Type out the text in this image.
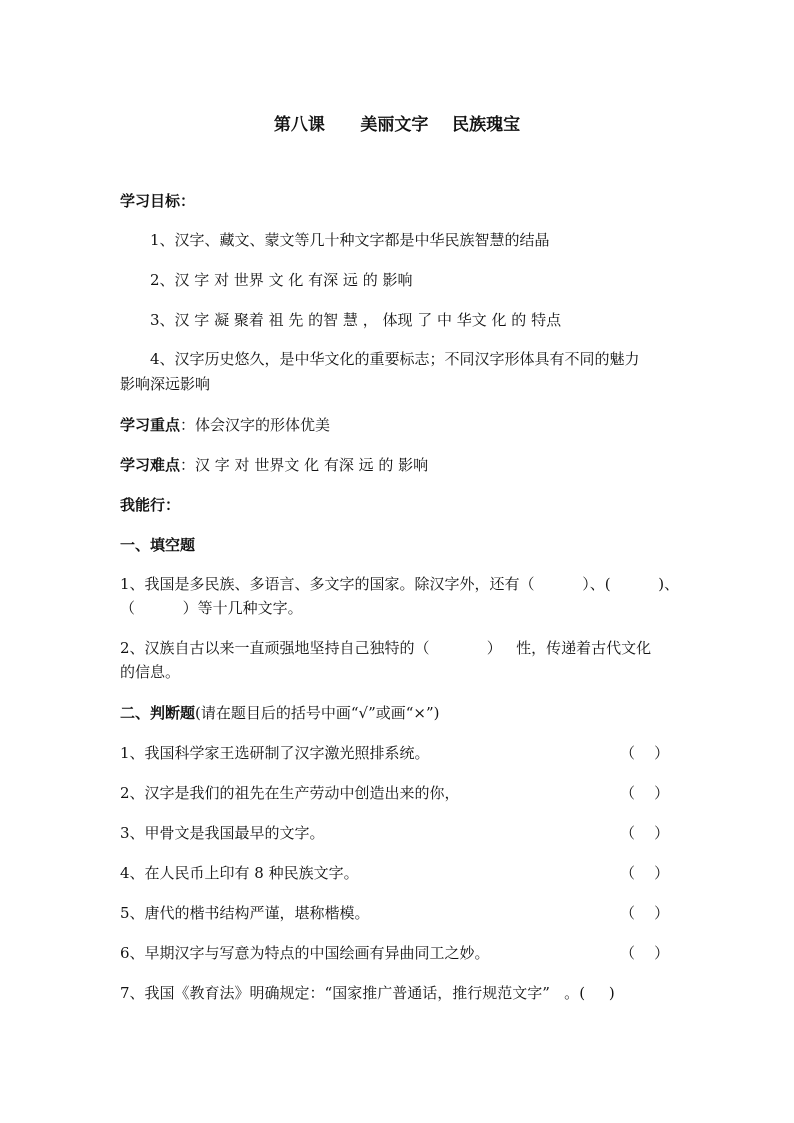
第八课      美丽文字    民族瑰宝
学习目标：
1、汉字、藏文、蒙文等几十种文字都是中华民族智慧的结晶
2、汉 字 对 世界 文 化 有深 远 的 影响
3、汉 字 凝 聚着 祖 先 的智 慧 ， 体现 了 中 华文 化 的 特点
4、汉字历史悠久，是中华文化的重要标志；不同汉字形体具有不同的魅力
影响深远影响
学习重点：体会汉字的形体优美
学习难点：汉 字 对 世界文 化 有深 远 的 影响
我能行：
一、填空题
1、我国是多民族、多语言、多文字的国家。除汉字外，还有（          ）、(          )、
（          ）等十几种文字。
2、汉族自古以来一直顽强地坚持自己独特的（            ）   性，传递着古代文化
的信息。
二、判断题(请在题目后的括号中画“√”或画“×”)
1、我国科学家王选研制了汉字激光照排系统。	（    ）
2、汉字是我们的祖先在生产劳动中创造出来的你，	（    ）
3、甲骨文是我国最早的文字。	（    ）
4、在人民币上印有 8 种民族文字。	（    ）
5、唐代的楷书结构严谨，堪称楷模。	（    ）
6、早期汉字与写意为特点的中国绘画有异曲同工之妙。	（    ）
7、我国《教育法》明确规定：“国家推广普通话，推行规范文字”   。(     )
